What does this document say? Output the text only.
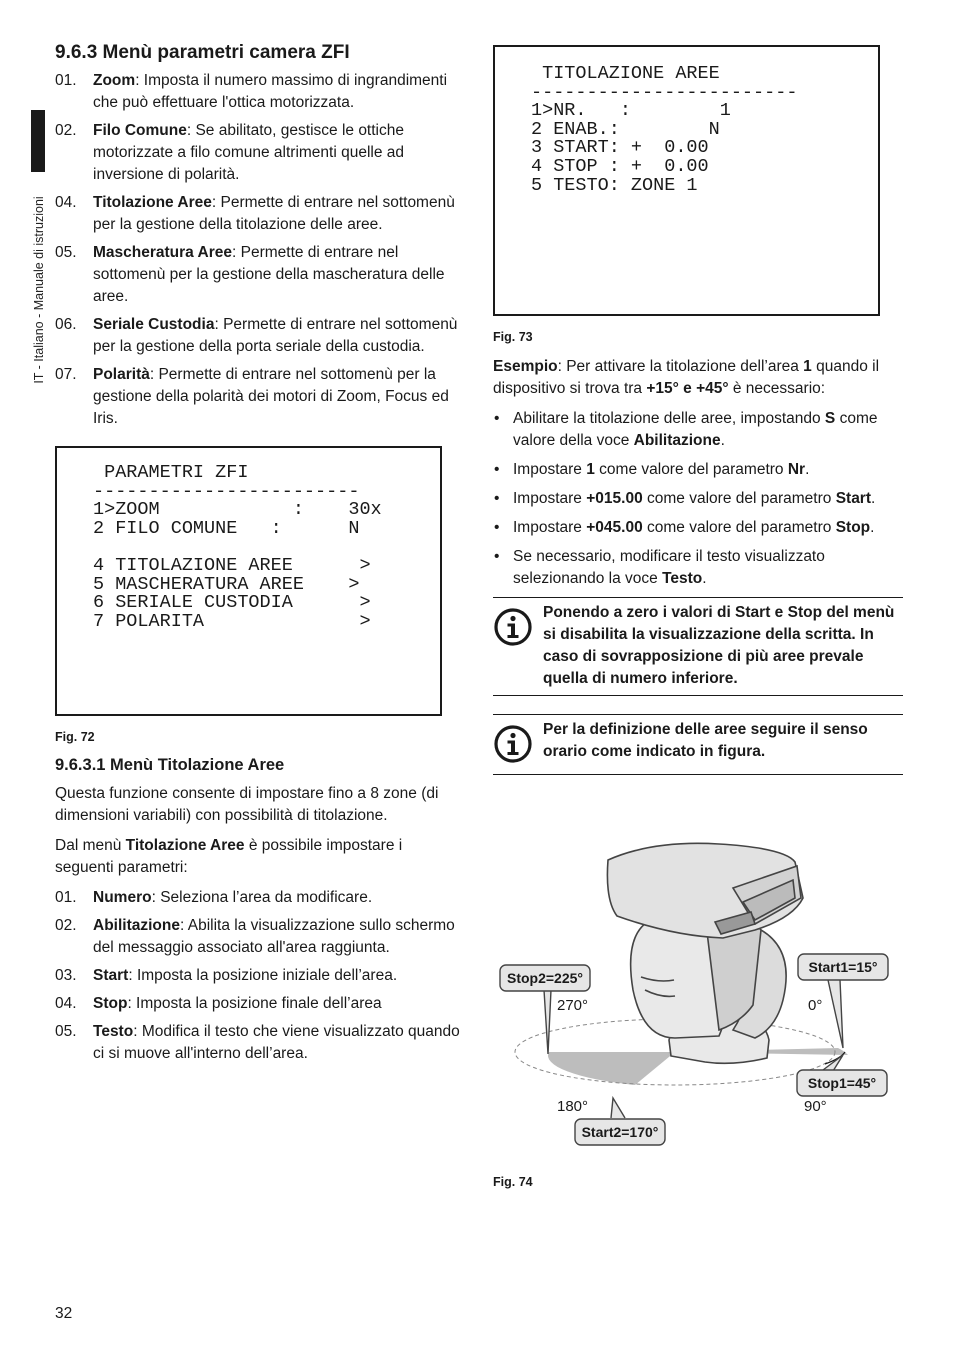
IT - Italiano - Manuale di istruzioni
9.6.3 Menù parametri camera ZFI
01.	Zoom: Imposta il numero massimo di ingrandimenti che può effettuare l'ottica motorizzata.
02.	Filo Comune: Se abilitato, gestisce le ottiche motorizzate a filo comune altrimenti quelle ad inversione di polarità.
04.	Titolazione Aree: Permette di entrare nel sottomenù per la gestione della titolazione delle aree.
05.	Mascheratura Aree: Permette di entrare nel sottomenù per la gestione della mascheratura delle aree.
06.	Seriale Custodia: Permette di entrare nel sottomenù per la gestione della porta seriale della custodia.
07.	Polarità: Permette di entrare nel sottomenù per la gestione della polarità dei motori di Zoom, Focus ed Iris.
PARAMETRI ZFI
------------------------
1>ZOOM            :    30x
2 FILO COMUNE   :      N

4 TITOLAZIONE AREE      >
5 MASCHERATURA AREE    >
6 SERIALE CUSTODIA      >
7 POLARITA              >
Fig. 72
9.6.3.1 Menù Titolazione Aree

Questa funzione consente di impostare fino a 8 zone (di dimensioni variabili) con possibilità di titolazione.

Dal menù Titolazione Aree è possibile impostare i seguenti parametri:

01.	Numero: Seleziona l’area da modificare.
02.	Abilitazione: Abilita la visualizzazione sullo schermo del messaggio associato all'area raggiunta.
03.	Start: Imposta la posizione iniziale dell’area.
04.	Stop: Imposta la posizione finale dell’area
05.	Testo: Modifica il testo che viene visualizzato quando ci si muove all'interno dell’area.
TITOLAZIONE AREE
------------------------
1>NR.   :        1
2 ENAB.:        N
3 START: +  0.00
4 STOP : +  0.00
5 TESTO: ZONE 1
Fig. 73

Esempio: Per attivare la titolazione dell’area 1 quando il dispositivo si trova tra +15° e +45° è necessario:

• Abilitare la titolazione delle aree, impostando S come valore della voce Abilitazione.
• Impostare 1 come valore del parametro Nr.
• Impostare +015.00 come valore del parametro Start.
• Impostare +045.00 come valore del parametro Stop.
• Se necessario, modificare il testo visualizzato selezionando la voce Testo.
Ponendo a zero i valori di Start e Stop del menù si disabilita la visualizzazione della scritta. In caso di sovrapposizione di più aree prevale quella di numero inferiore.
Per la definizione delle aree seguire il senso orario come indicato in figura.
Stop2=225°
Start1=15°
Stop1=45°
Start2=170°
270°	0°
180°	90°
Fig. 74
32
